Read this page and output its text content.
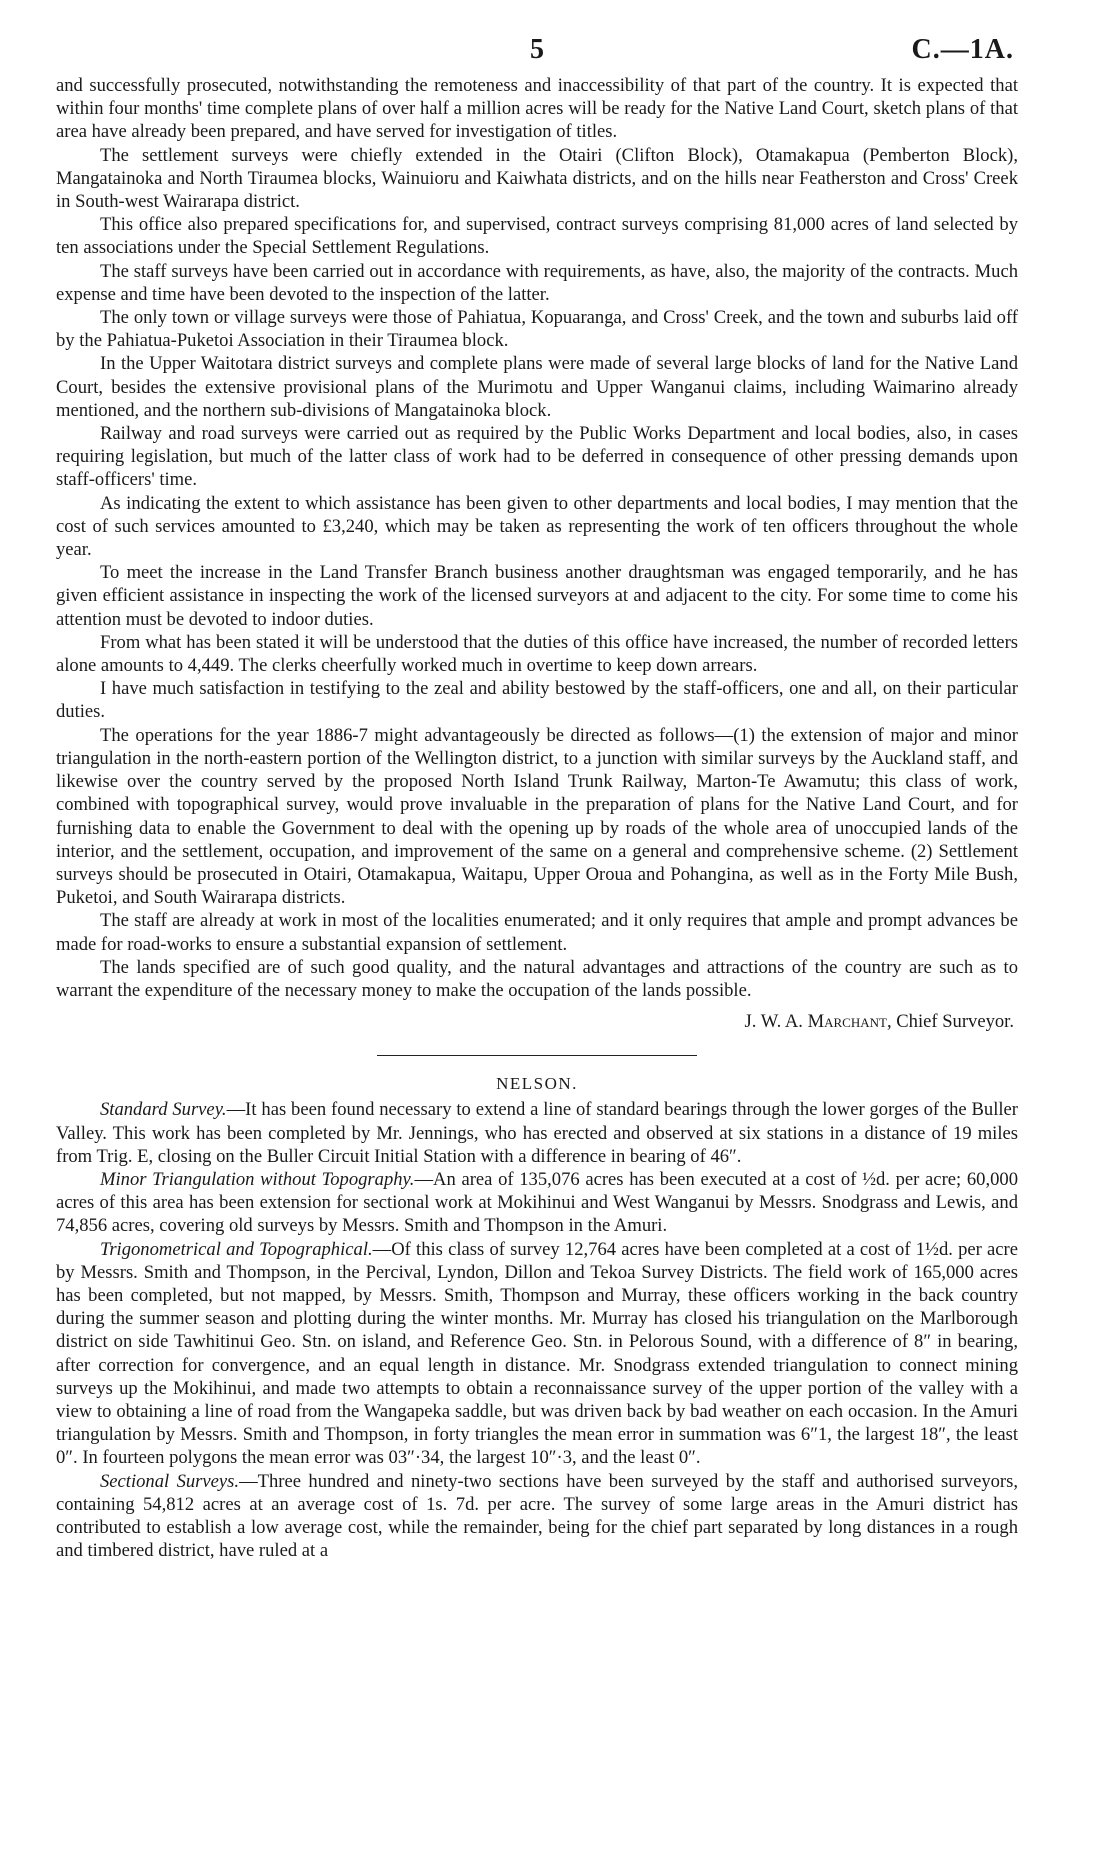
5	C.—1A.

and successfully prosecuted, notwithstanding the remoteness and inaccessibility of that part of the country. It is expected that within four months' time complete plans of over half a million acres will be ready for the Native Land Court, sketch plans of that area have already been prepared, and have served for investigation of titles.

The settlement surveys were chiefly extended in the Otairi (Clifton Block), Otamakapua (Pemberton Block), Mangatainoka and North Tiraumea blocks, Wainuioru and Kaiwhata districts, and on the hills near Featherston and Cross' Creek in South-west Wairarapa district.

This office also prepared specifications for, and supervised, contract surveys comprising 81,000 acres of land selected by ten associations under the Special Settlement Regulations.

The staff surveys have been carried out in accordance with requirements, as have, also, the majority of the contracts. Much expense and time have been devoted to the inspection of the latter.

The only town or village surveys were those of Pahiatua, Kopuaranga, and Cross' Creek, and the town and suburbs laid off by the Pahiatua-Puketoi Association in their Tiraumea block.

In the Upper Waitotara district surveys and complete plans were made of several large blocks of land for the Native Land Court, besides the extensive provisional plans of the Murimotu and Upper Wanganui claims, including Waimarino already mentioned, and the northern sub-divisions of Mangatainoka block.

Railway and road surveys were carried out as required by the Public Works Department and local bodies, also, in cases requiring legislation, but much of the latter class of work had to be deferred in consequence of other pressing demands upon staff-officers' time.

As indicating the extent to which assistance has been given to other departments and local bodies, I may mention that the cost of such services amounted to £3,240, which may be taken as representing the work of ten officers throughout the whole year.

To meet the increase in the Land Transfer Branch business another draughtsman was engaged temporarily, and he has given efficient assistance in inspecting the work of the licensed surveyors at and adjacent to the city. For some time to come his attention must be devoted to indoor duties.

From what has been stated it will be understood that the duties of this office have increased, the number of recorded letters alone amounts to 4,449. The clerks cheerfully worked much in overtime to keep down arrears.

I have much satisfaction in testifying to the zeal and ability bestowed by the staff-officers, one and all, on their particular duties.

The operations for the year 1886-7 might advantageously be directed as follows—(1) the extension of major and minor triangulation in the north-eastern portion of the Wellington district, to a junction with similar surveys by the Auckland staff, and likewise over the country served by the proposed North Island Trunk Railway, Marton-Te Awamutu; this class of work, combined with topographical survey, would prove invaluable in the preparation of plans for the Native Land Court, and for furnishing data to enable the Government to deal with the opening up by roads of the whole area of unoccupied lands of the interior, and the settlement, occupation, and improvement of the same on a general and comprehensive scheme. (2) Settlement surveys should be prosecuted in Otairi, Otamakapua, Waitapu, Upper Oroua and Pohangina, as well as in the Forty Mile Bush, Puketoi, and South Wairarapa districts.

The staff are already at work in most of the localities enumerated; and it only requires that ample and prompt advances be made for road-works to ensure a substantial expansion of settlement.

The lands specified are of such good quality, and the natural advantages and attractions of the country are such as to warrant the expenditure of the necessary money to make the occupation of the lands possible.

J. W. A. Marchant, Chief Surveyor.
NELSON.

Standard Survey.—It has been found necessary to extend a line of standard bearings through the lower gorges of the Buller Valley. This work has been completed by Mr. Jennings, who has erected and observed at six stations in a distance of 19 miles from Trig. E, closing on the Buller Circuit Initial Station with a difference in bearing of 46″.

Minor Triangulation without Topography.—An area of 135,076 acres has been executed at a cost of ½d. per acre; 60,000 acres of this area has been extension for sectional work at Mokihinui and West Wanganui by Messrs. Snodgrass and Lewis, and 74,856 acres, covering old surveys by Messrs. Smith and Thompson in the Amuri.

Trigonometrical and Topographical.—Of this class of survey 12,764 acres have been completed at a cost of 1½d. per acre by Messrs. Smith and Thompson, in the Percival, Lyndon, Dillon and Tekoa Survey Districts. The field work of 165,000 acres has been completed, but not mapped, by Messrs. Smith, Thompson and Murray, these officers working in the back country during the summer season and plotting during the winter months. Mr. Murray has closed his triangulation on the Marlborough district on side Tawhitinui Geo. Stn. on island, and Reference Geo. Stn. in Pelorous Sound, with a difference of 8″ in bearing, after correction for convergence, and an equal length in distance. Mr. Snodgrass extended triangulation to connect mining surveys up the Mokihinui, and made two attempts to obtain a reconnaissance survey of the upper portion of the valley with a view to obtaining a line of road from the Wangapeka saddle, but was driven back by bad weather on each occasion. In the Amuri triangulation by Messrs. Smith and Thompson, in forty triangles the mean error in summation was 6″1, the largest 18″, the least 0″. In fourteen polygons the mean error was 03″·34, the largest 10″·3, and the least 0″.

Sectional Surveys.—Three hundred and ninety-two sections have been surveyed by the staff and authorised surveyors, containing 54,812 acres at an average cost of 1s. 7d. per acre. The survey of some large areas in the Amuri district has contributed to establish a low average cost, while the remainder, being for the chief part separated by long distances in a rough and timbered district, have ruled at a
